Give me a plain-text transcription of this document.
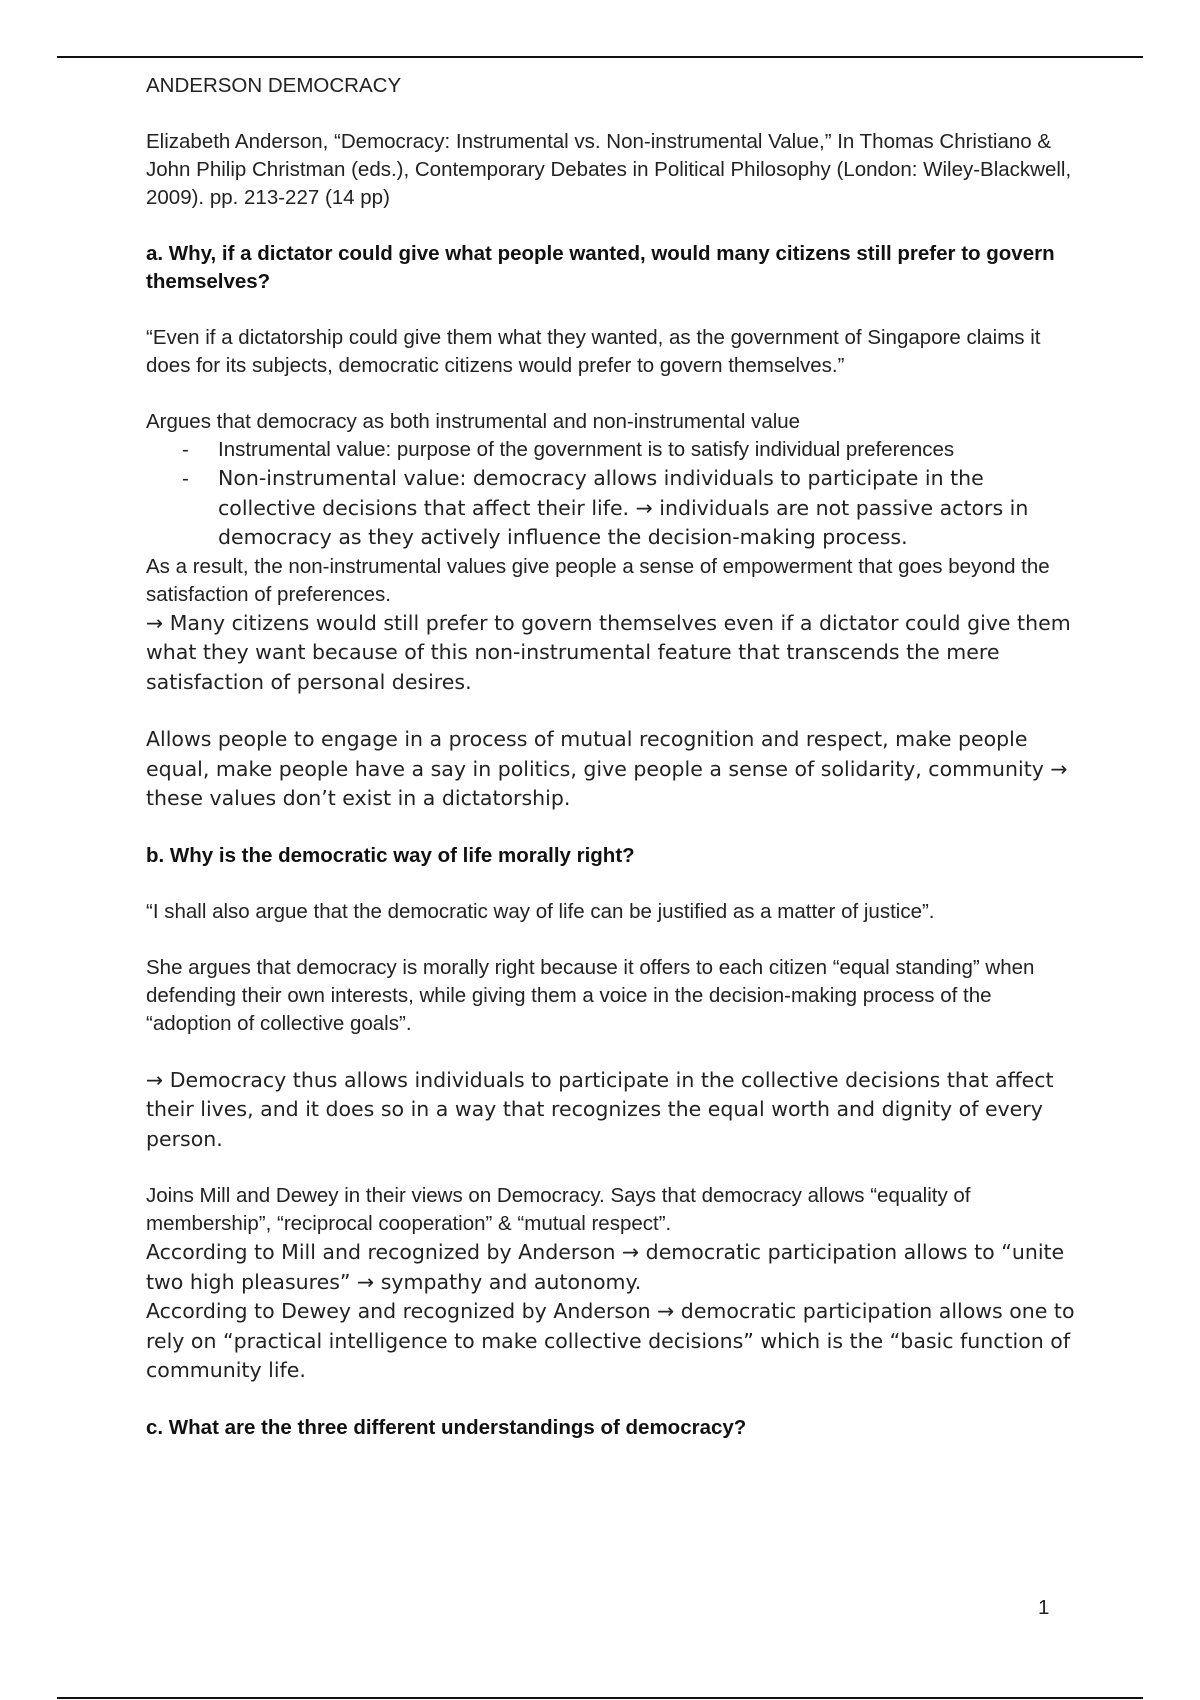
ANDERSON DEMOCRACY

Elizabeth Anderson, “Democracy: Instrumental vs. Non-instrumental Value,” In Thomas Christiano & John Philip Christman (eds.), Contemporary Debates in Political Philosophy (London: Wiley-Blackwell, 2009). pp. 213-227 (14 pp)

a. Why, if a dictator could give what people wanted, would many citizens still prefer to govern themselves?

“Even if a dictatorship could give them what they wanted, as the government of Singapore claims it does for its subjects, democratic citizens would prefer to govern themselves.”

Argues that democracy as both instrumental and non-instrumental value

- Instrumental value: purpose of the government is to satisfy individual preferences
- Non-instrumental value: democracy allows individuals to participate in the collective decisions that affect their life. → individuals are not passive actors in democracy as they actively influence the decision-making process.

As a result, the non-instrumental values give people a sense of empowerment that goes beyond the satisfaction of preferences.

→ Many citizens would still prefer to govern themselves even if a dictator could give them what they want because of this non-instrumental feature that transcends the mere satisfaction of personal desires.

Allows people to engage in a process of mutual recognition and respect, make people equal, make people have a say in politics, give people a sense of solidarity, community → these values don’t exist in a dictatorship.

b. Why is the democratic way of life morally right?

“I shall also argue that the democratic way of life can be justified as a matter of justice”.

She argues that democracy is morally right because it offers to each citizen “equal standing” when defending their own interests, while giving them a voice in the decision-making process of the “adoption of collective goals”.

→ Democracy thus allows individuals to participate in the collective decisions that affect their lives, and it does so in a way that recognizes the equal worth and dignity of every person.

Joins Mill and Dewey in their views on Democracy. Says that democracy allows “equality of membership”, “reciprocal cooperation” & “mutual respect”.

According to Mill and recognized by Anderson → democratic participation allows to “unite two high pleasures” → sympathy and autonomy.

According to Dewey and recognized by Anderson → democratic participation allows one to rely on “practical intelligence to make collective decisions” which is the “basic function of community life.

c. What are the three different understandings of democracy?
1
